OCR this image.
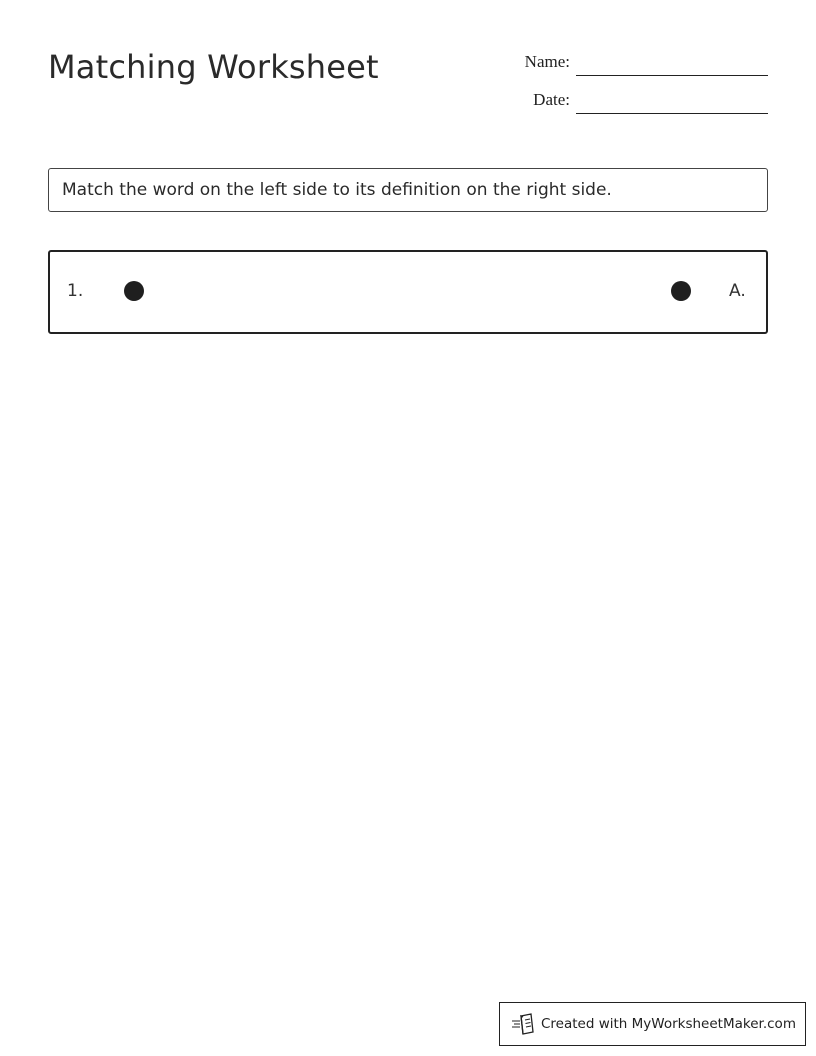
Matching Worksheet	Name:
Date:
Match the word on the left side to its definition on the right side.
1.	A.
Created with MyWorksheetMaker.com
